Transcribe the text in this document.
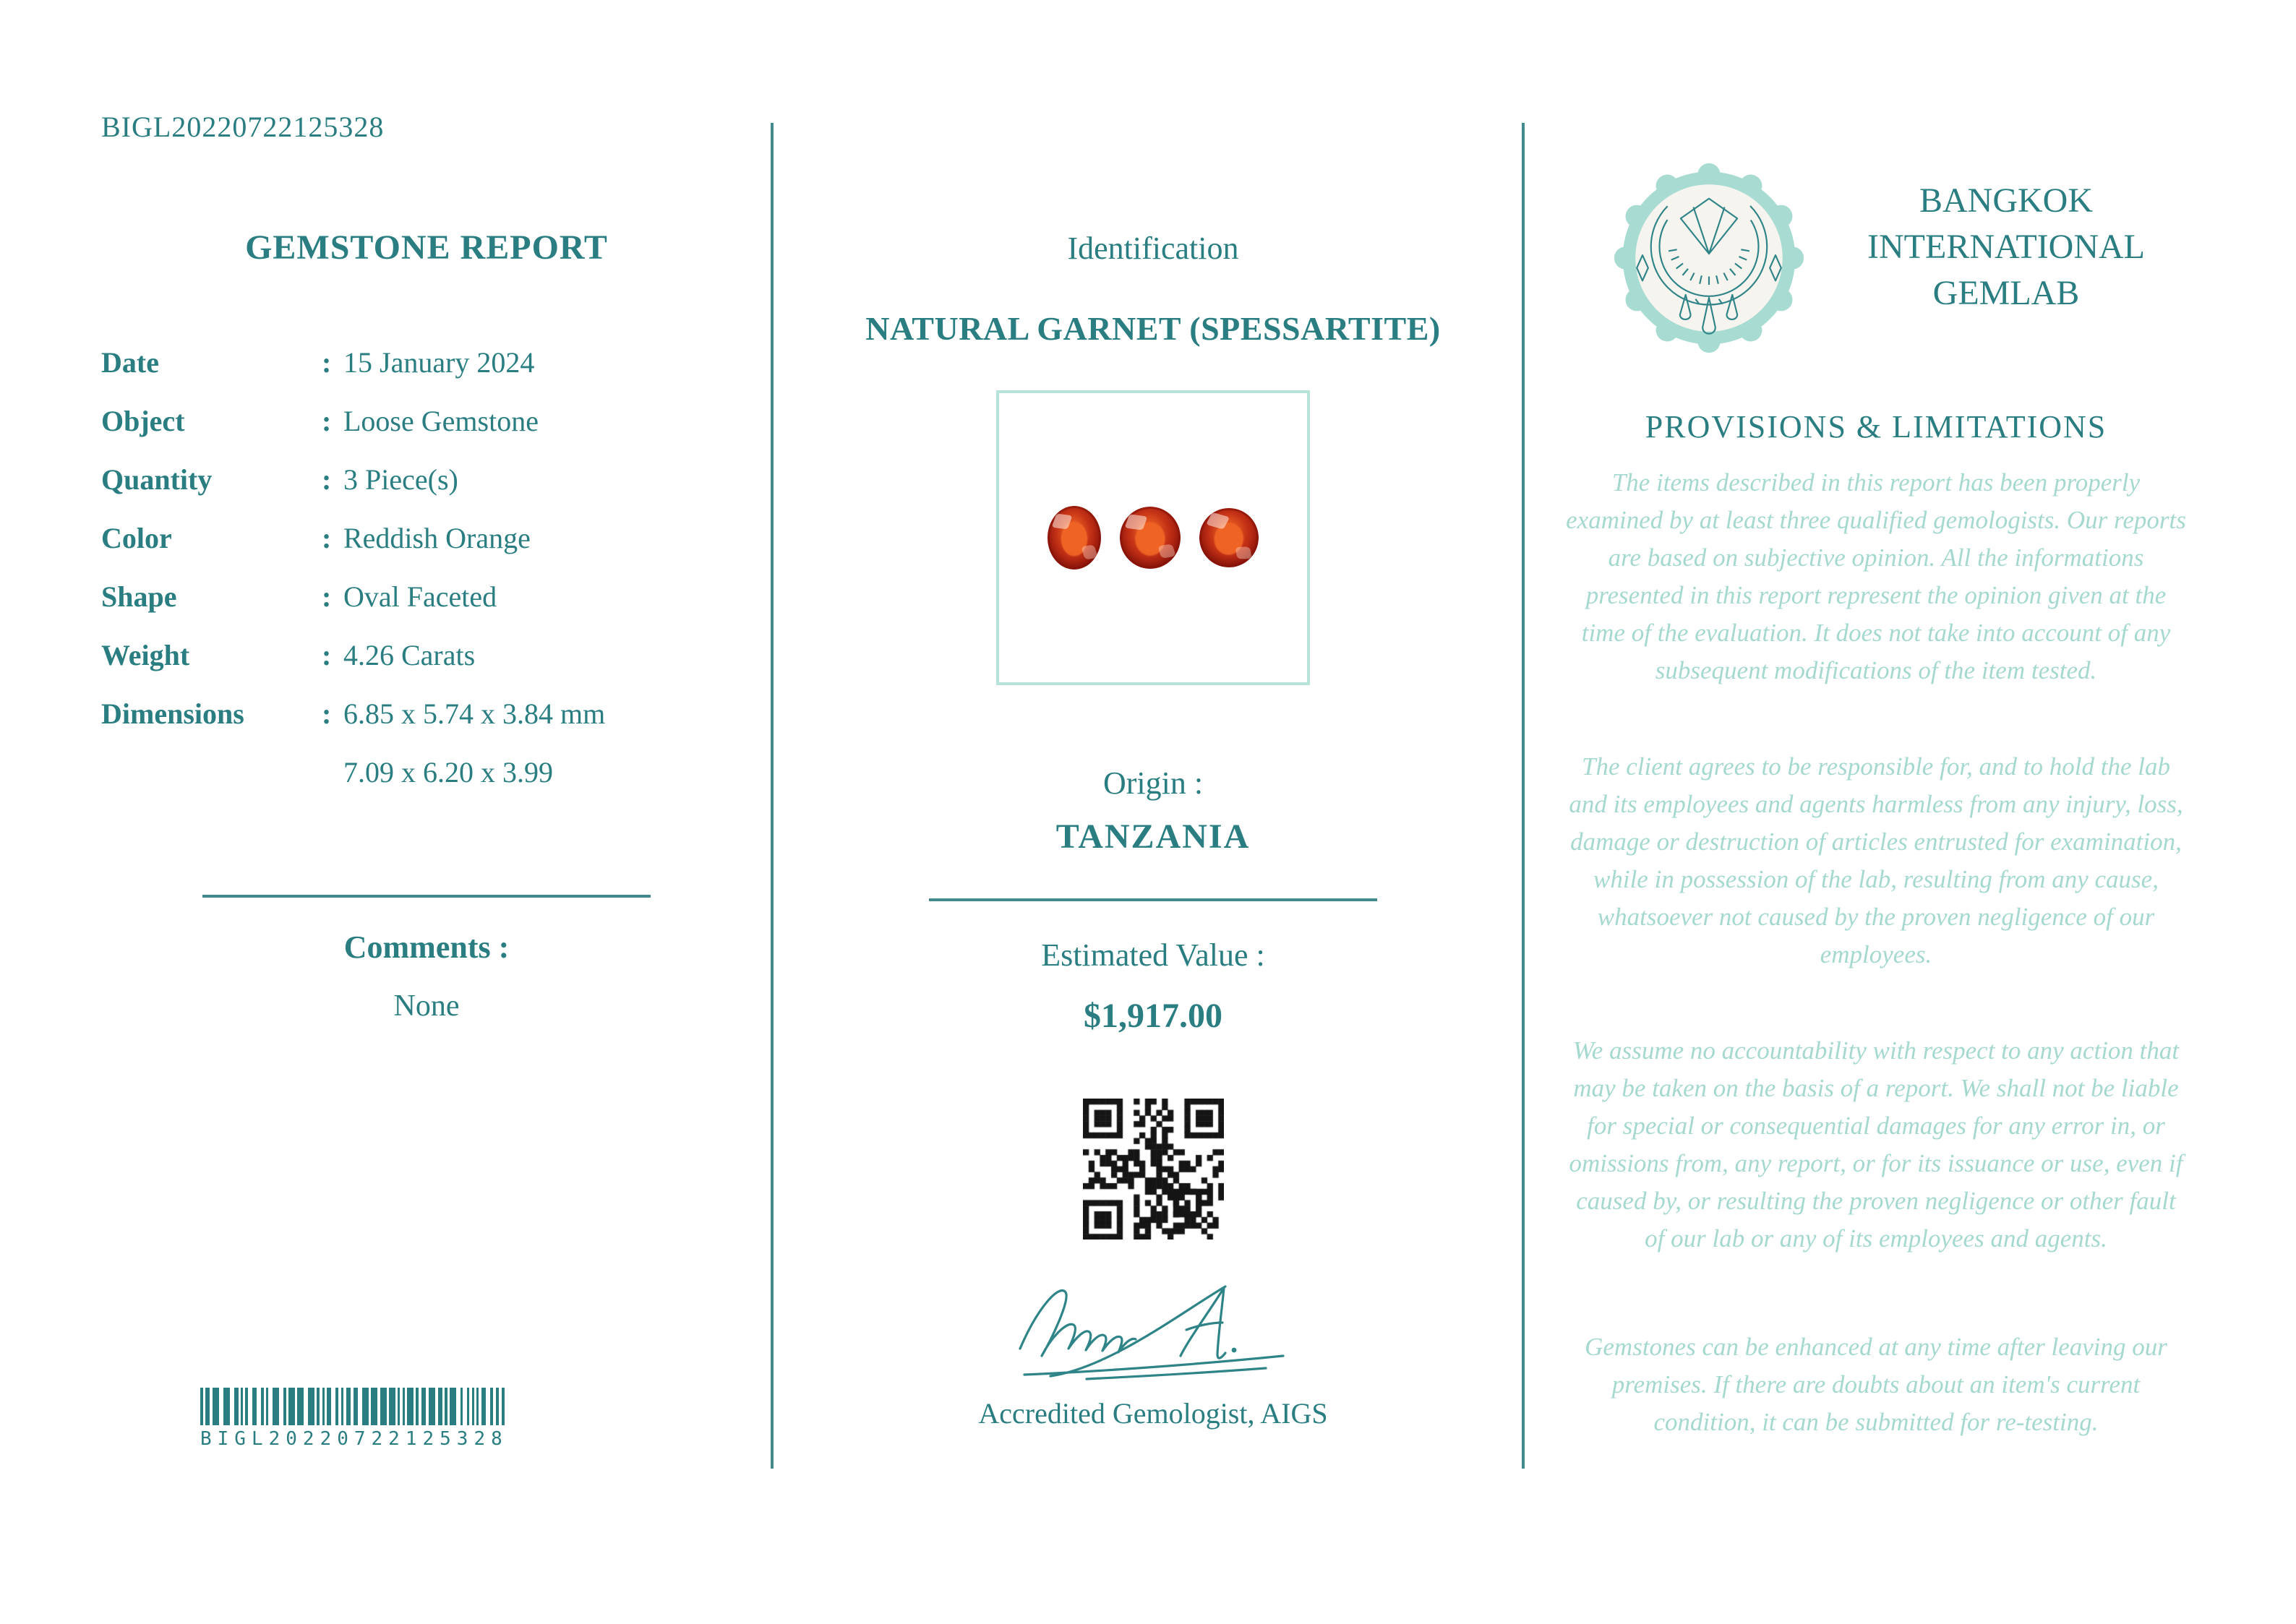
BIGL20220722125328
GEMSTONE REPORT
Date	: 15 January 2024
Object	: Loose Gemstone
Quantity	: 3 Piece(s)
Color	: Reddish Orange
Shape	: Oval Faceted
Weight	: 4.26 Carats
Dimensions	: 6.85 x 5.74 x 3.84 mm
7.09 x 6.20 x 3.99
Comments :
None
BIGL20220722125328
Identification
NATURAL GARNET (SPESSARTITE)
Origin :
TANZANIA
Estimated Value :
$1,917.00
Accredited Gemologist, AIGS
BANGKOK
INTERNATIONAL
GEMLAB
PROVISIONS & LIMITATIONS

The items described in this report has been properly examined by at least three qualified gemologists. Our reports are based on subjective opinion. All the informations presented in this report represent the opinion given at the time of the evaluation. It does not take into account of any subsequent modifications of the item tested.

The client agrees to be responsible for, and to hold the lab and its employees and agents harmless from any injury, loss, damage or destruction of articles entrusted for examination, while in possession of the lab, resulting from any cause, whatsoever not caused by the proven negligence of our employees.

We assume no accountability with respect to any action that may be taken on the basis of a report. We shall not be liable for special or consequential damages for any error in, or omissions from, any report, or for its issuance or use, even if caused by, or resulting the proven negligence or other fault of our lab or any of its employees and agents.

Gemstones can be enhanced at any time after leaving our premises. If there are doubts about an item's current condition, it can be submitted for re-testing.
